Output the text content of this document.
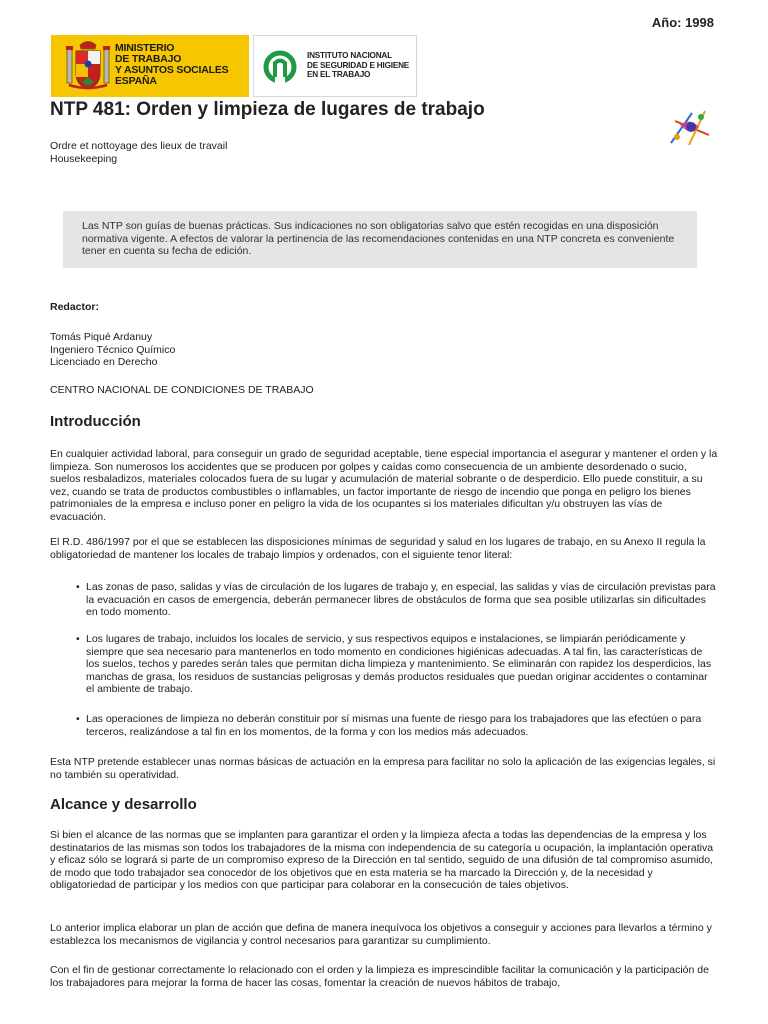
Año: 1998
MINISTERIO
DE TRABAJO
Y ASUNTOS SOCIALES
ESPAÑA
INSTITUTO NACIONAL
DE SEGURIDAD E HIGIENE
EN EL TRABAJO
NTP 481: Orden y limpieza de lugares de trabajo
Ordre et nottoyage des lieux de travail
Housekeeping
Las NTP son guías de buenas prácticas. Sus indicaciones no son obligatorias salvo que estén recogidas en una disposición normativa vigente. A efectos de valorar la pertinencia de las recomendaciones contenidas en una NTP concreta es conveniente tener en cuenta su fecha de edición.
Redactor:
Tomás Piqué Ardanuy
Ingeniero Técnico Químico
Licenciado en Derecho
CENTRO NACIONAL DE CONDICIONES DE TRABAJO
Introducción

En cualquier actividad laboral, para conseguir un grado de seguridad aceptable, tiene especial importancia el asegurar y mantener el orden y la limpieza. Son numerosos los accidentes que se producen por golpes y caídas como consecuencia de un ambiente desordenado o sucio, suelos resbaladizos, materiales colocados fuera de su lugar y acumulación de material sobrante o de desperdicio. Ello puede constituir, a su vez, cuando se trata de productos combustibles o inflamables, un factor importante de riesgo de incendio que ponga en peligro los bienes patrimoniales de la empresa e incluso poner en peligro la vida de los ocupantes si los materiales dificultan y/u obstruyen las vías de evacuación.

El R.D. 486/1997 por el que se establecen las disposiciones mínimas de seguridad y salud en los lugares de trabajo, en su Anexo II regula la obligatoriedad de mantener los locales de trabajo limpios y ordenados, con el siguiente tenor literal:

• Las zonas de paso, salidas y vías de circulación de los lugares de trabajo y, en especial, las salidas y vías de circulación previstas para la evacuación en casos de emergencia, deberán permanecer libres de obstáculos de forma que sea posible utilizarlas sin dificultades en todo momento.
• Los lugares de trabajo, incluidos los locales de servicio, y sus respectivos equipos e instalaciones, se limpiarán periódicamente y siempre que sea necesario para mantenerlos en todo momento en condiciones higiénicas adecuadas. A tal fin, las características de los suelos, techos y paredes serán tales que permitan dicha limpieza y mantenimiento. Se eliminarán con rapidez los desperdicios, las manchas de grasa, los residuos de sustancias peligrosas y demás productos residuales que puedan originar accidentes o contaminar el ambiente de trabajo.
• Las operaciones de limpieza no deberán constituir por sí mismas una fuente de riesgo para los trabajadores que las efectúen o para terceros, realizándose a tal fin en los momentos, de la forma y con los medios más adecuados.

Esta NTP pretende establecer unas normas básicas de actuación en la empresa para facilitar no solo la aplicación de las exigencias legales, si no también su operatividad.

Alcance y desarrollo

Si bien el alcance de las normas que se implanten para garantizar el orden y la limpieza afecta a todas las dependencias de la empresa y los destinatarios de las mismas son todos los trabajadores de la misma con independencia de su categoría u ocupación, la implantación operativa y eficaz sólo se logrará si parte de un compromiso expreso de la Dirección en tal sentido, seguido de una difusión de tal compromiso asumido, de modo que todo trabajador sea conocedor de los objetivos que en esta materia se ha marcado la Dirección y, de la necesidad y obligatoriedad de participar y los medios con que participar para colaborar en la consecución de tales objetivos.

Lo anterior implica elaborar un plan de acción que defina de manera inequívoca los objetivos a conseguir y acciones para llevarlos a término y establezca los mecanismos de vigilancia y control necesarios para garantizar su cumplimiento.

Con el fin de gestionar correctamente lo relacionado con el orden y la limpieza es imprescindible facilitar la comunicación y la participación de los trabajadores para mejorar la forma de hacer las cosas, fomentar la creación de nuevos hábitos de trabajo,
